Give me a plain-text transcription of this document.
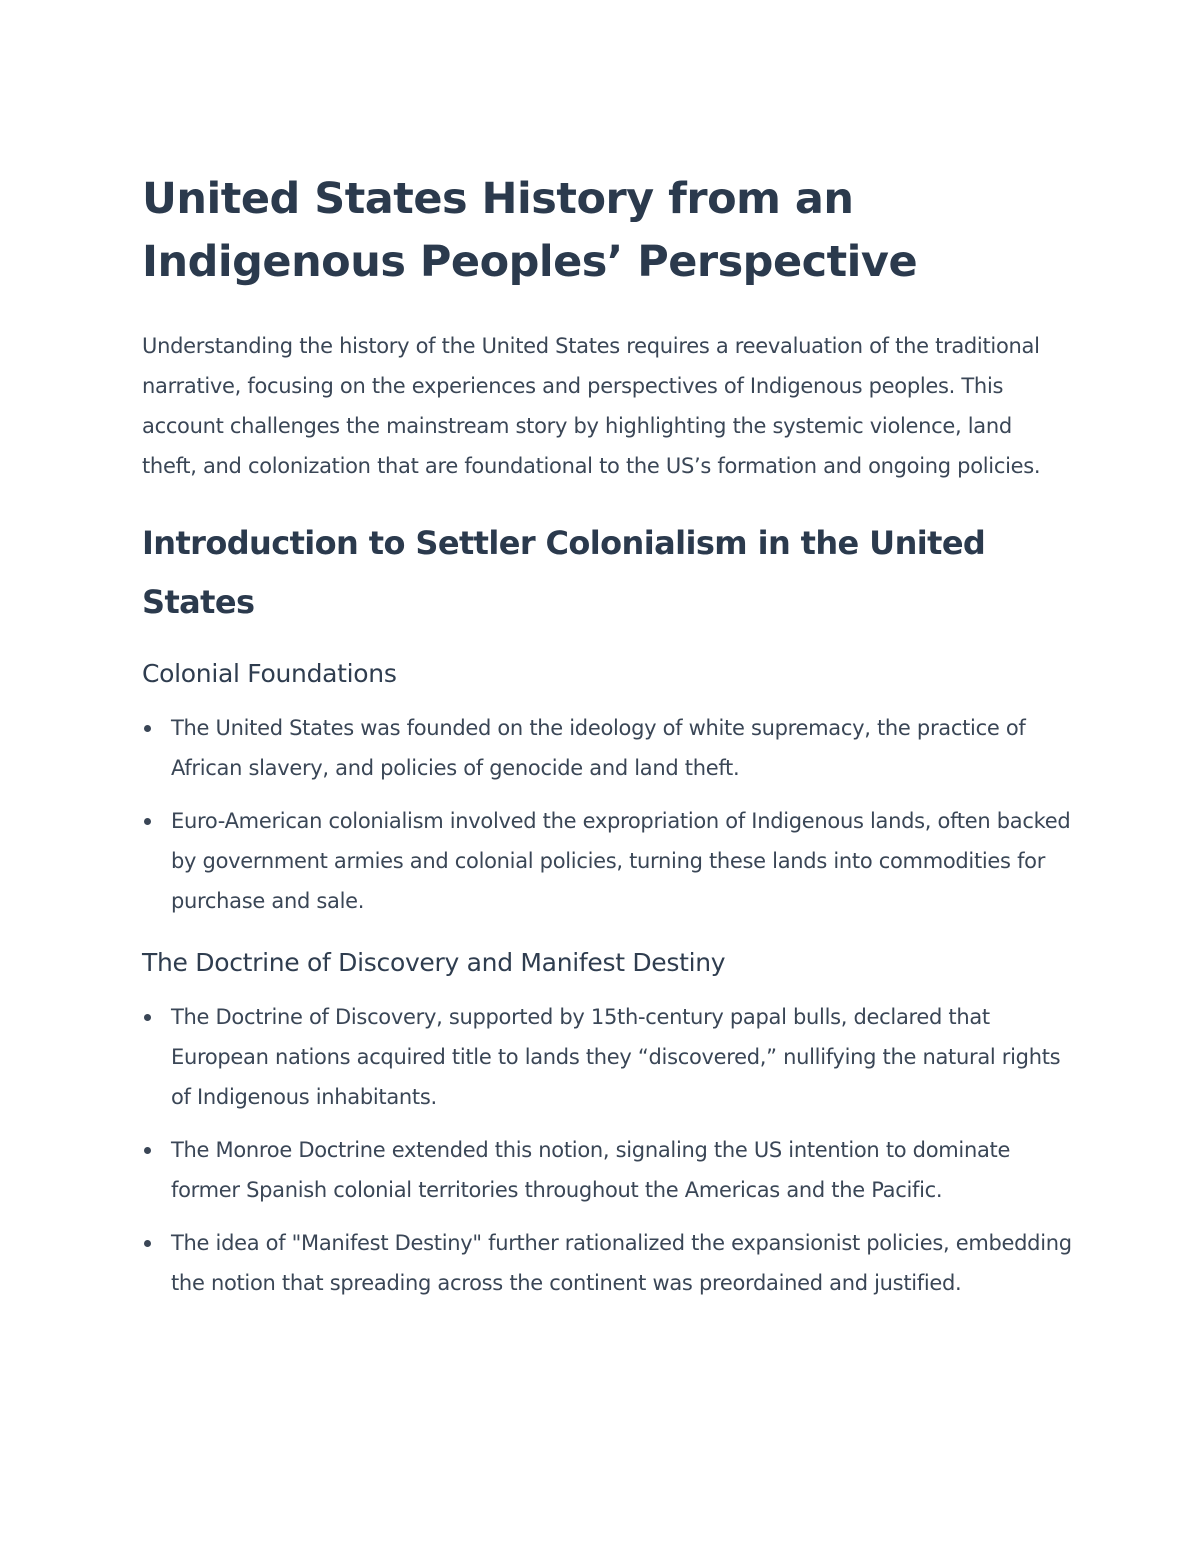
United States History from an Indigenous Peoples’ Perspective

Understanding the history of the United States requires a reevaluation of the traditional narrative, focusing on the experiences and perspectives of Indigenous peoples. This account challenges the mainstream story by highlighting the systemic violence, land theft, and colonization that are foundational to the US’s formation and ongoing policies.

Introduction to Settler Colonialism in the United States
Colonial Foundations
The United States was founded on the ideology of white supremacy, the practice of African slavery, and policies of genocide and land theft.
Euro-American colonialism involved the expropriation of Indigenous lands, often backed by government armies and colonial policies, turning these lands into commodities for purchase and sale.
The Doctrine of Discovery and Manifest Destiny
The Doctrine of Discovery, supported by 15th-century papal bulls, declared that European nations acquired title to lands they “discovered,” nullifying the natural rights of Indigenous inhabitants.
The Monroe Doctrine extended this notion, signaling the US intention to dominate former Spanish colonial territories throughout the Americas and the Pacific.
The idea of "Manifest Destiny" further rationalized the expansionist policies, embedding the notion that spreading across the continent was preordained and justified.
